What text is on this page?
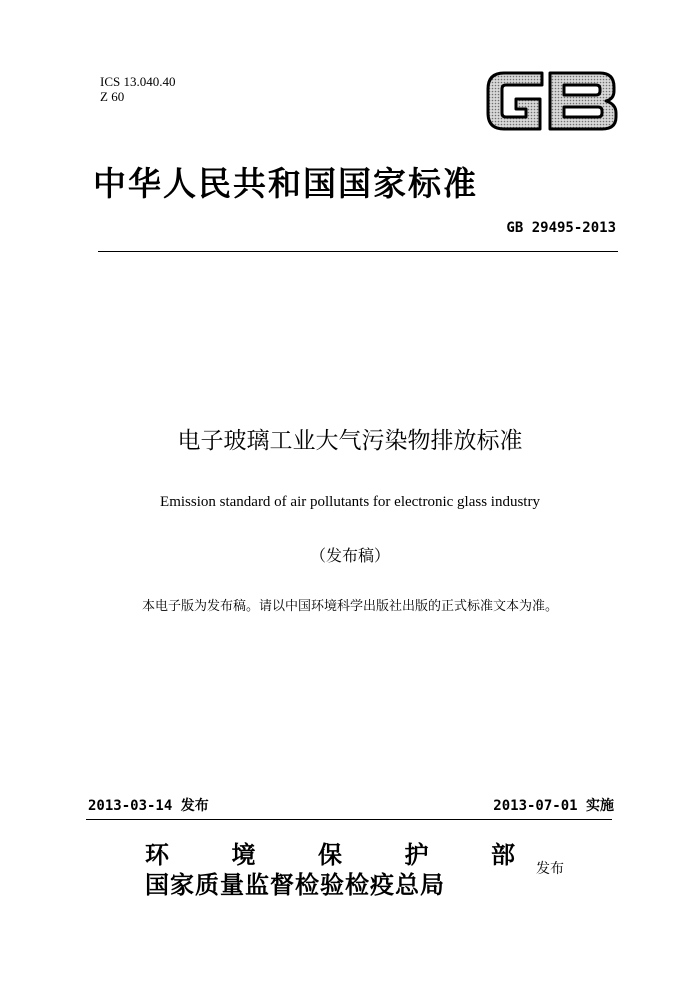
ICS 13.040.40
Z 60
中华人民共和国国家标准
GB 29495-2013
电子玻璃工业大气污染物排放标准
Emission standard of air pollutants for electronic glass industry
（发布稿）
本电子版为发布稿。请以中国环境科学出版社出版的正式标准文本为准。
2013-03-14 发布	2013-07-01 实施
环	境	保	护	部
国家质量监督检验检疫总局
发布
